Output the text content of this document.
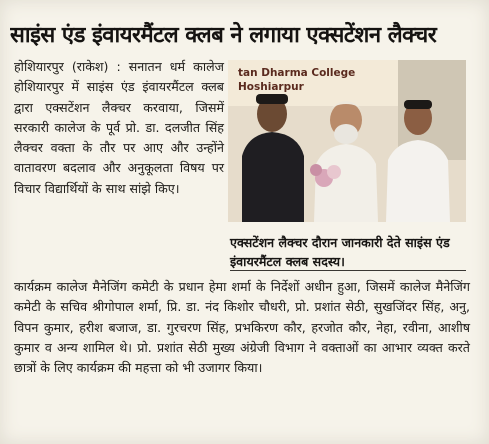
साइंस एंड इंवायरमैंटल क्लब ने लगाया एक्सटेंशन लैक्चर

होशियारपुर (राकेश) : सनातन धर्म कालेज होशियारपुर में साइंस एंड इंवायरमैंटल क्लब द्वारा एक्सटेंशन लैक्चर करवाया, जिसमें सरकारी कालेज के पूर्व प्रो. डा. दलजीत सिंह लैक्चर वक्ता के तौर पर आए और उन्होंने वातावरण बदलाव और अनुकूलता विषय पर विचार विद्यार्थियों के साथ सांझे किए।

tan Dharma College Hoshiarpur
एक्सटेंशन लैक्चर दौरान जानकारी देते साइंस एंड इंवायरमैंटल क्लब सदस्य।

कार्यक्रम कालेज मैनेजिंग कमेटी के प्रधान हेमा शर्मा के निर्देशों अधीन हुआ, जिसमें कालेज मैनेजिंग कमेटी के सचिव श्रीगोपाल शर्मा, प्रि. डा. नंद किशोर चौधरी, प्रो. प्रशांत सेठी, सुखजिंदर सिंह, अनु, विपन कुमार, हरीश बजाज, डा. गुरचरण सिंह, प्रभकिरण कौर, हरजोत कौर, नेहा, रवीना, आशीष कुमार व अन्य शामिल थे। प्रो. प्रशांत सेठी मुख्य अंग्रेजी विभाग ने वक्ताओं का आभार व्यक्त करते छात्रों के लिए कार्यक्रम की महत्ता को भी उजागर किया।
